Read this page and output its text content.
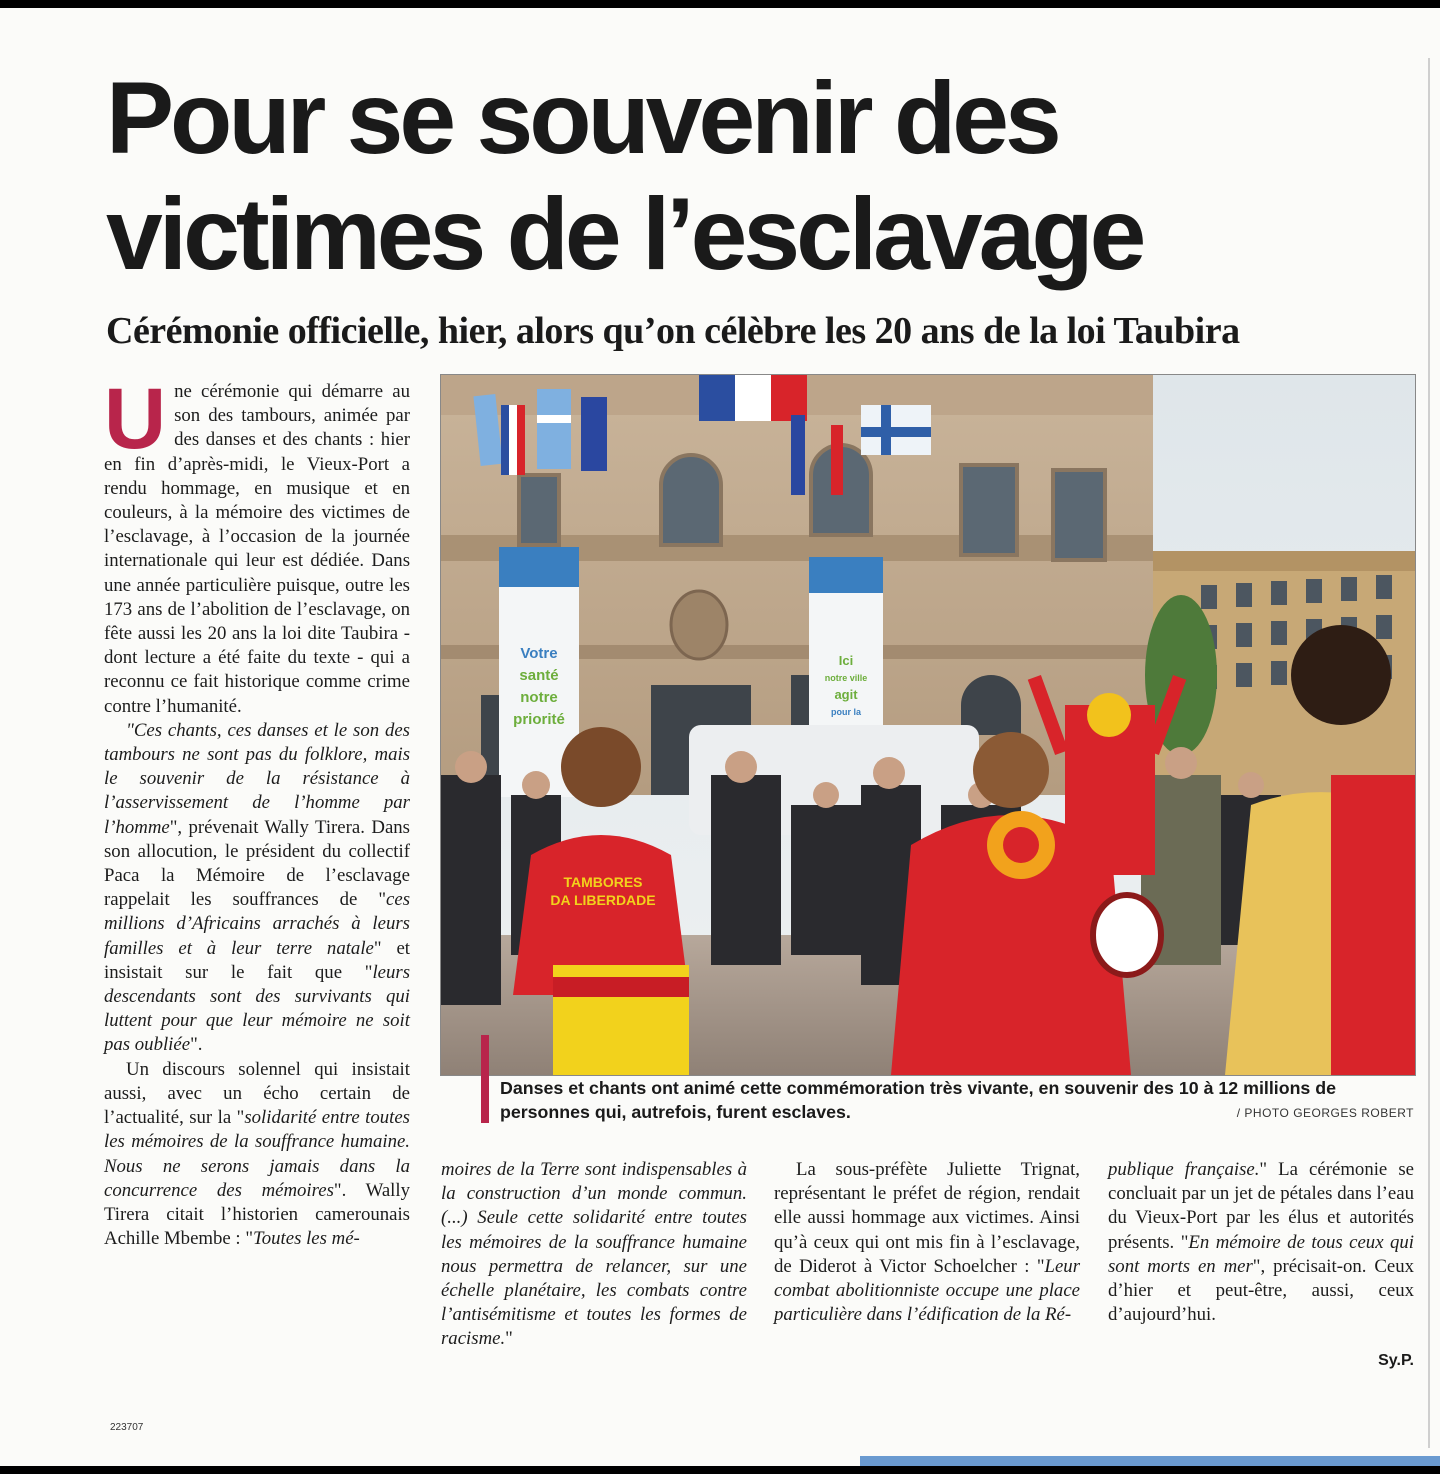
Pour se souvenir des victimes de l’esclavage
Cérémonie officielle, hier, alors qu’on célèbre les 20 ans de la loi Taubira

Une cérémonie qui démarre au son des tambours, animée par des danses et des chants : hier en fin d’après-midi, le Vieux-Port a rendu hommage, en musique et en couleurs, à la mémoire des victimes de l’esclavage, à l’occasion de la journée internationale qui leur est dédiée. Dans une année particulière puisque, outre les 173 ans de l’abolition de l’esclavage, on fête aussi les 20 ans la loi dite Taubira - dont lecture a été faite du texte - qui a reconnu ce fait historique comme crime contre l’humanité.

"Ces chants, ces danses et le son des tambours ne sont pas du folklore, mais le souvenir de la résistance à l’asservissement de l’homme par l’homme", prévenait Wally Tirera. Dans son allocution, le président du collectif Paca la Mémoire de l’esclavage rappelait les souffrances de "ces millions d’Africains arrachés à leurs familles et à leur terre natale" et insistait sur le fait que "leurs descendants sont des survivants qui luttent pour que leur mémoire ne soit pas oubliée".

Un discours solennel qui insistait aussi, avec un écho certain de l’actualité, sur la "solidarité entre toutes les mémoires de la souffrance humaine. Nous ne serons jamais dans la concurrence des mémoires". Wally Tirera citait l’historien camerounais Achille Mbembe : "Toutes les mé-

Votre
santé
notre
priorité
Ici
notre ville
agit
pour la
TAMBORES
DA LIBERDADE

Danses et chants ont animé cette commémoration très vivante, en souvenir des 10 à 12 millions de personnes qui, autrefois, furent esclaves.	/ PHOTO GEORGES ROBERT

moires de la Terre sont indispensables à la construction d’un monde commun. (...) Seule cette solidarité entre toutes les mémoires de la souffrance humaine nous permettra de relancer, sur une échelle planétaire, les combats contre l’antisémitisme et toutes les formes de racisme."

La sous-préfète Juliette Trignat, représentant le préfet de région, rendait elle aussi hommage aux victimes. Ainsi qu’à ceux qui ont mis fin à l’esclavage, de Diderot à Victor Schoelcher : "Leur combat abolitionniste occupe une place particulière dans l’édification de la Ré-

publique française." La cérémonie se concluait par un jet de pétales dans l’eau du Vieux-Port par les élus et autorités présents. "En mémoire de tous ceux qui sont morts en mer", précisait-on. Ceux d’hier et peut-être, aussi, ceux d’aujourd’hui.

Sy.P.

223707
